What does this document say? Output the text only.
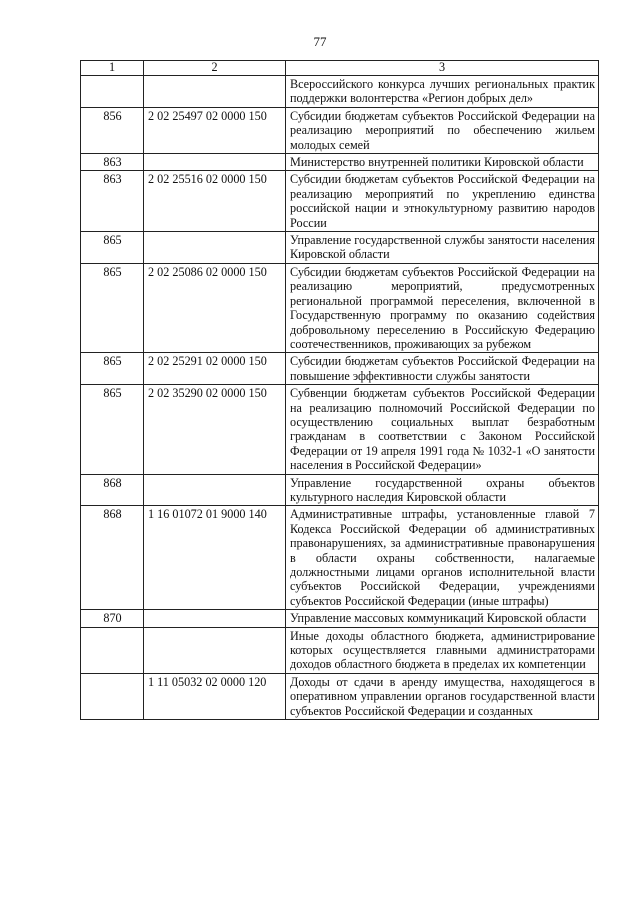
77
1	2	3
		Всероссийского конкурса лучших региональных практик поддержки волонтерства «Регион добрых дел»
856	2 02 25497 02 0000 150	Субсидии бюджетам субъектов Российской Федерации на реализацию мероприятий по обеспечению жильем молодых семей
863		Министерство внутренней политики Кировской области
863	2 02 25516 02 0000 150	Субсидии бюджетам субъектов Российской Федерации на реализацию мероприятий по укреплению единства российской нации и этнокультурному развитию народов России
865		Управление государственной службы занятости населения Кировской области
865	2 02 25086 02 0000 150	Субсидии бюджетам субъектов Российской Федерации на реализацию мероприятий, предусмотренных региональной программой переселения, включенной в Государственную программу по оказанию содействия добровольному переселению в Российскую Федерацию соотечественников, проживающих за рубежом
865	2 02 25291 02 0000 150	Субсидии бюджетам субъектов Российской Федерации на повышение эффективности службы занятости
865	2 02 35290 02 0000 150	Субвенции бюджетам субъектов Российской Федерации на реализацию полномочий Российской Федерации по осуществлению социальных выплат безработным гражданам в соответствии с Законом Российской Федерации от 19 апреля 1991 года № 1032-1 «О занятости населения в Российской Федерации»
868		Управление государственной охраны объектов культурного наследия Кировской области
868	1 16 01072 01 9000 140	Административные штрафы, установленные главой 7 Кодекса Российской Федерации об административных правонарушениях, за административные правонарушения в области охраны собственности, налагаемые должностными лицами органов исполнительной власти субъектов Российской Федерации, учреждениями субъектов Российской Федерации (иные штрафы)
870		Управление массовых коммуникаций Кировской области
		Иные доходы областного бюджета, администрирование которых осуществляется главными администраторами доходов областного бюджета в пределах их компетенции
	1 11 05032 02 0000 120	Доходы от сдачи в аренду имущества, находящегося в оперативном управлении органов государственной власти субъектов Российской Федерации и созданных
